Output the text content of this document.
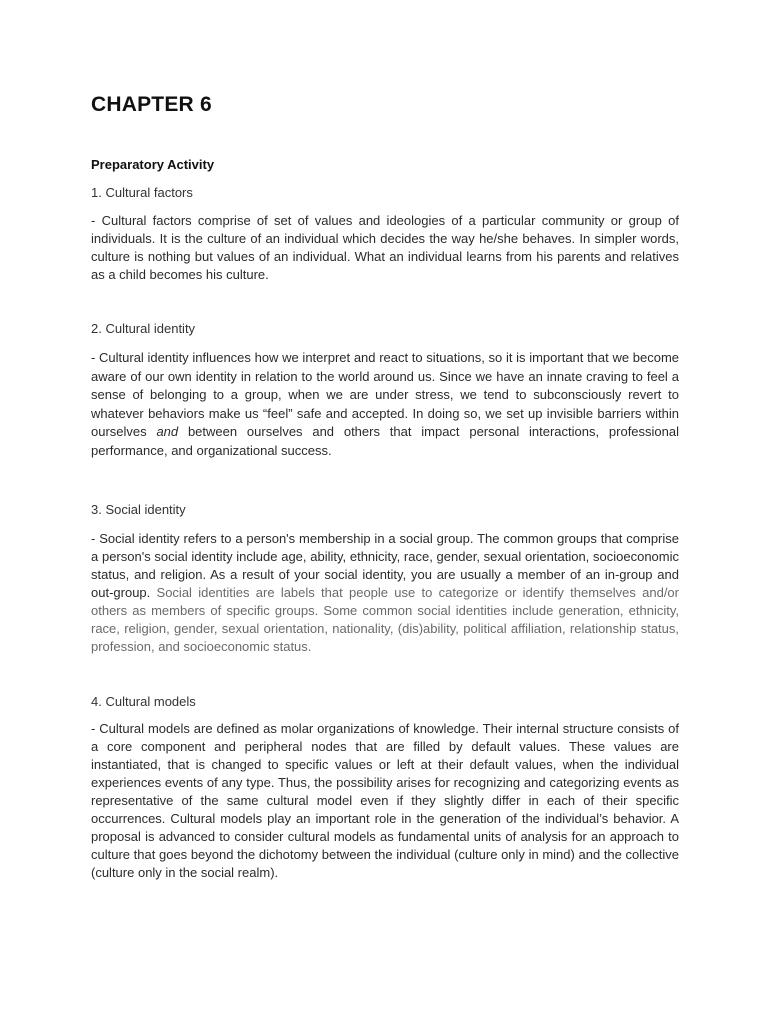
CHAPTER 6

Preparatory Activity

1. Cultural factors

- Cultural factors comprise of set of values and ideologies of a particular community or group of individuals. It is the culture of an individual which decides the way he/she behaves. In simpler words, culture is nothing but values of an individual. What an individual learns from his parents and relatives as a child becomes his culture.

2. Cultural identity

- Cultural identity influences how we interpret and react to situations, so it is important that we become aware of our own identity in relation to the world around us. Since we have an innate craving to feel a sense of belonging to a group, when we are under stress, we tend to subconsciously revert to whatever behaviors make us “feel” safe and accepted. In doing so, we set up invisible barriers within ourselves and between ourselves and others that impact personal interactions, professional performance, and organizational success.

3. Social identity

- Social identity refers to a person's membership in a social group. The common groups that comprise a person's social identity include age, ability, ethnicity, race, gender, sexual orientation, socioeconomic status, and religion. As a result of your social identity, you are usually a member of an in-group and out-group. Social identities are labels that people use to categorize or identify themselves and/or others as members of specific groups. Some common social identities include generation, ethnicity, race, religion, gender, sexual orientation, nationality, (dis)ability, political affiliation, relationship status, profession, and socioeconomic status.

4. Cultural models

- Cultural models are defined as molar organizations of knowledge. Their internal structure consists of a core component and peripheral nodes that are filled by default values. These values are instantiated, that is changed to specific values or left at their default values, when the individual experiences events of any type. Thus, the possibility arises for recognizing and categorizing events as representative of the same cultural model even if they slightly differ in each of their specific occurrences. Cultural models play an important role in the generation of the individual’s behavior. A proposal is advanced to consider cultural models as fundamental units of analysis for an approach to culture that goes beyond the dichotomy between the individual (culture only in mind) and the collective (culture only in the social realm).
